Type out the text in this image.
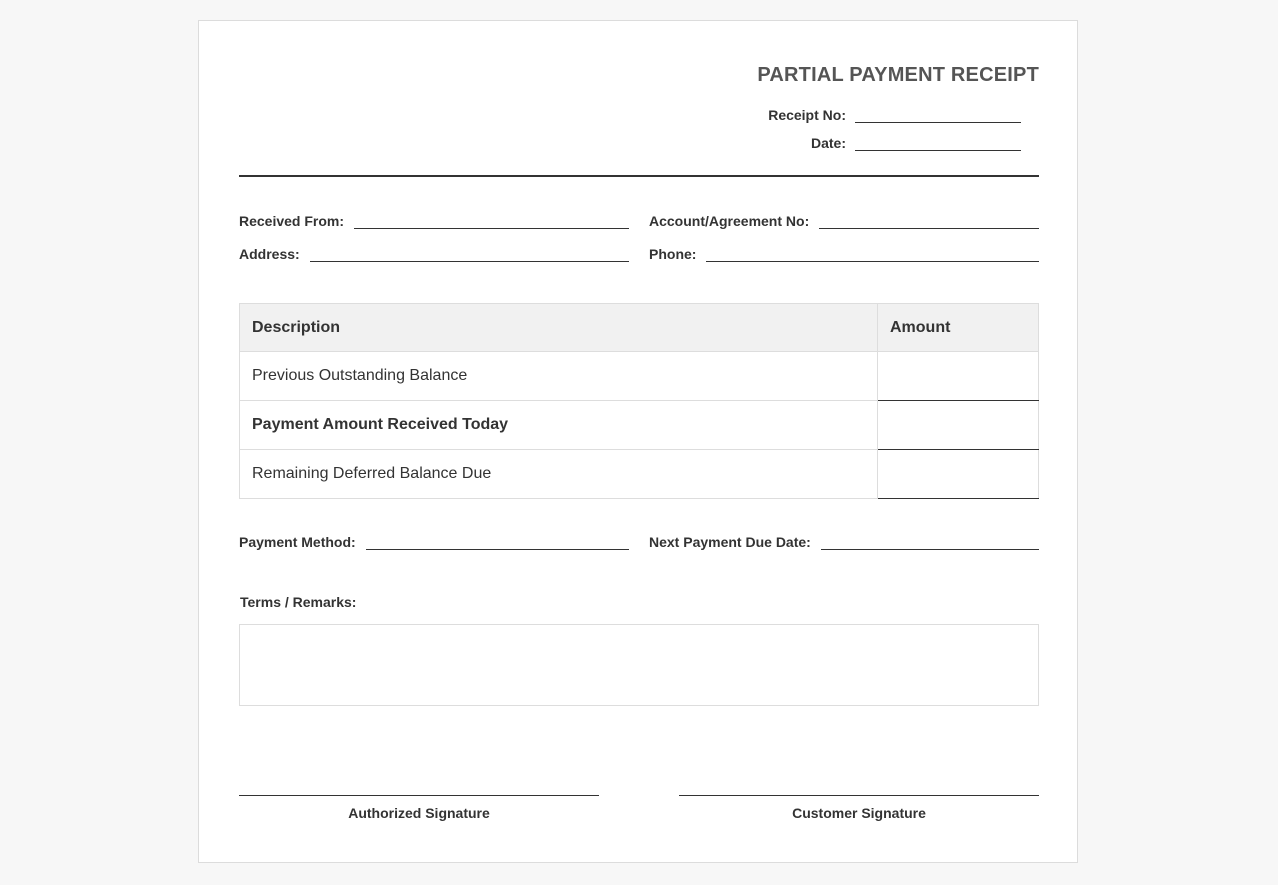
PARTIAL PAYMENT RECEIPT
Receipt No:
Date:
Received From:	Account/Agreement No:
Address:	Phone:
Description	Amount
Previous Outstanding Balance	
Payment Amount Received Today	
Remaining Deferred Balance Due	
Payment Method:	Next Payment Due Date:
Terms / Remarks:
Authorized Signature	Customer Signature
